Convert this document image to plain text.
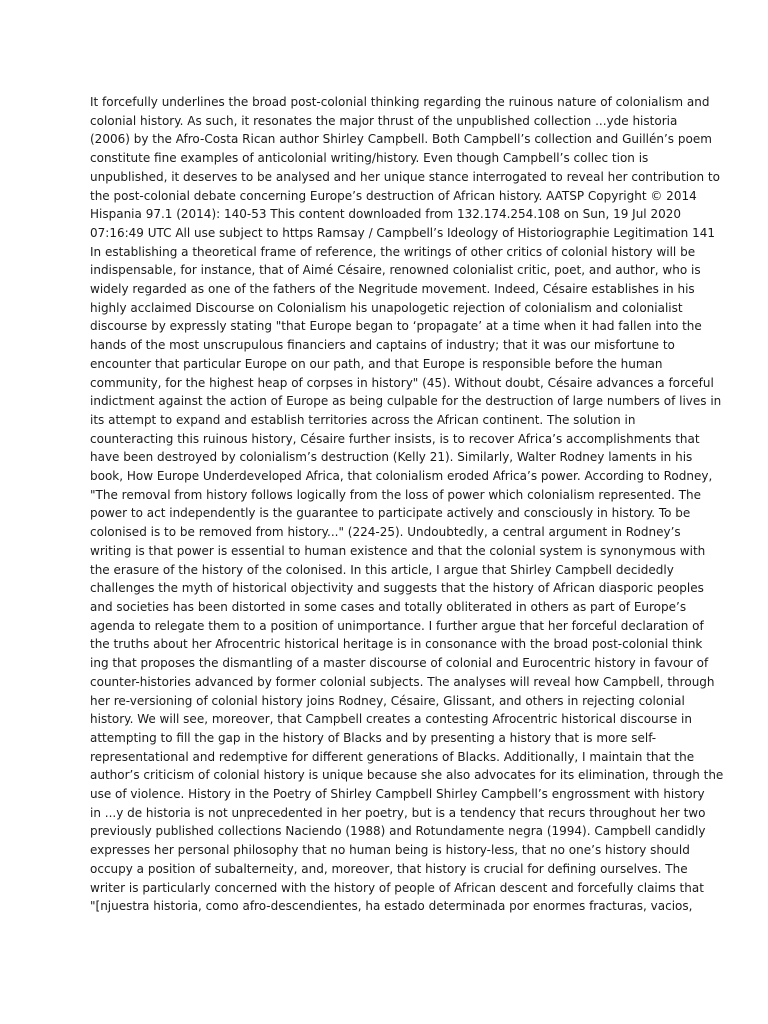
It forcefully underlines the broad post-colonial thinking regarding the ruinous nature of colonialism and
colonial history. As such, it resonates the major thrust of the unpublished collection ...yde historia
(2006) by the Afro-Costa Rican author Shirley Campbell. Both Campbell’s collection and Guillén’s poem
constitute fine examples of anticolonial writing/history. Even though Campbell’s collec tion is
unpublished, it deserves to be analysed and her unique stance interrogated to reveal her contribution to
the post-colonial debate concerning Europe’s destruction of African history. AATSP Copyright © 2014
Hispania 97.1 (2014): 140-53 This content downloaded from 132.174.254.108 on Sun, 19 Jul 2020
07:16:49 UTC All use subject to https Ramsay / Campbell’s Ideology of Historiographie Legitimation 141
In establishing a theoretical frame of reference, the writings of other critics of colonial history will be
indispensable, for instance, that of Aimé Césaire, renowned colonialist critic, poet, and author, who is
widely regarded as one of the fathers of the Negritude movement. Indeed, Césaire establishes in his
highly acclaimed Discourse on Colonialism his unapologetic rejection of colonialism and colonialist
discourse by expressly stating "that Europe began to ‘propagate’ at a time when it had fallen into the
hands of the most unscrupulous financiers and captains of industry; that it was our misfortune to
encounter that particular Europe on our path, and that Europe is responsible before the human
community, for the highest heap of corpses in history" (45). Without doubt, Césaire advances a forceful
indictment against the action of Europe as being culpable for the destruction of large numbers of lives in
its attempt to expand and establish territories across the African continent. The solution in
counteracting this ruinous history, Césaire further insists, is to recover Africa’s accomplishments that
have been destroyed by colonialism’s destruction (Kelly 21). Similarly, Walter Rodney laments in his
book, How Europe Underdeveloped Africa, that colonialism eroded Africa’s power. According to Rodney,
"The removal from history follows logically from the loss of power which colonialism represented. The
power to act independently is the guarantee to participate actively and consciously in history. To be
colonised is to be removed from history..." (224-25). Undoubtedly, a central argument in Rodney’s
writing is that power is essential to human existence and that the colonial system is synonymous with
the erasure of the history of the colonised. In this article, I argue that Shirley Campbell decidedly
challenges the myth of historical objectivity and suggests that the history of African diasporic peoples
and societies has been distorted in some cases and totally obliterated in others as part of Europe’s
agenda to relegate them to a position of unimportance. I further argue that her forceful declaration of
the truths about her Afrocentric historical heritage is in consonance with the broad post-colonial think
ing that proposes the dismantling of a master discourse of colonial and Eurocentric history in favour of
counter-histories advanced by former colonial subjects. The analyses will reveal how Campbell, through
her re-versioning of colonial history joins Rodney, Césaire, Glissant, and others in rejecting colonial
history. We will see, moreover, that Campbell creates a contesting Afrocentric historical discourse in
attempting to fill the gap in the history of Blacks and by presenting a history that is more self-
representational and redemptive for different generations of Blacks. Additionally, I maintain that the
author’s criticism of colonial history is unique because she also advocates for its elimination, through the
use of violence. History in the Poetry of Shirley Campbell Shirley Campbell’s engrossment with history
in ...y de historia is not unprecedented in her poetry, but is a tendency that recurs throughout her two
previously published collections Naciendo (1988) and Rotundamente negra (1994). Campbell candidly
expresses her personal philosophy that no human being is history-less, that no one’s history should
occupy a position of subalterneity, and, moreover, that history is crucial for defining ourselves. The
writer is particularly concerned with the history of people of African descent and forcefully claims that
"[njuestra historia, como afro-descendientes, ha estado determinada por enormes fracturas, vacios,
